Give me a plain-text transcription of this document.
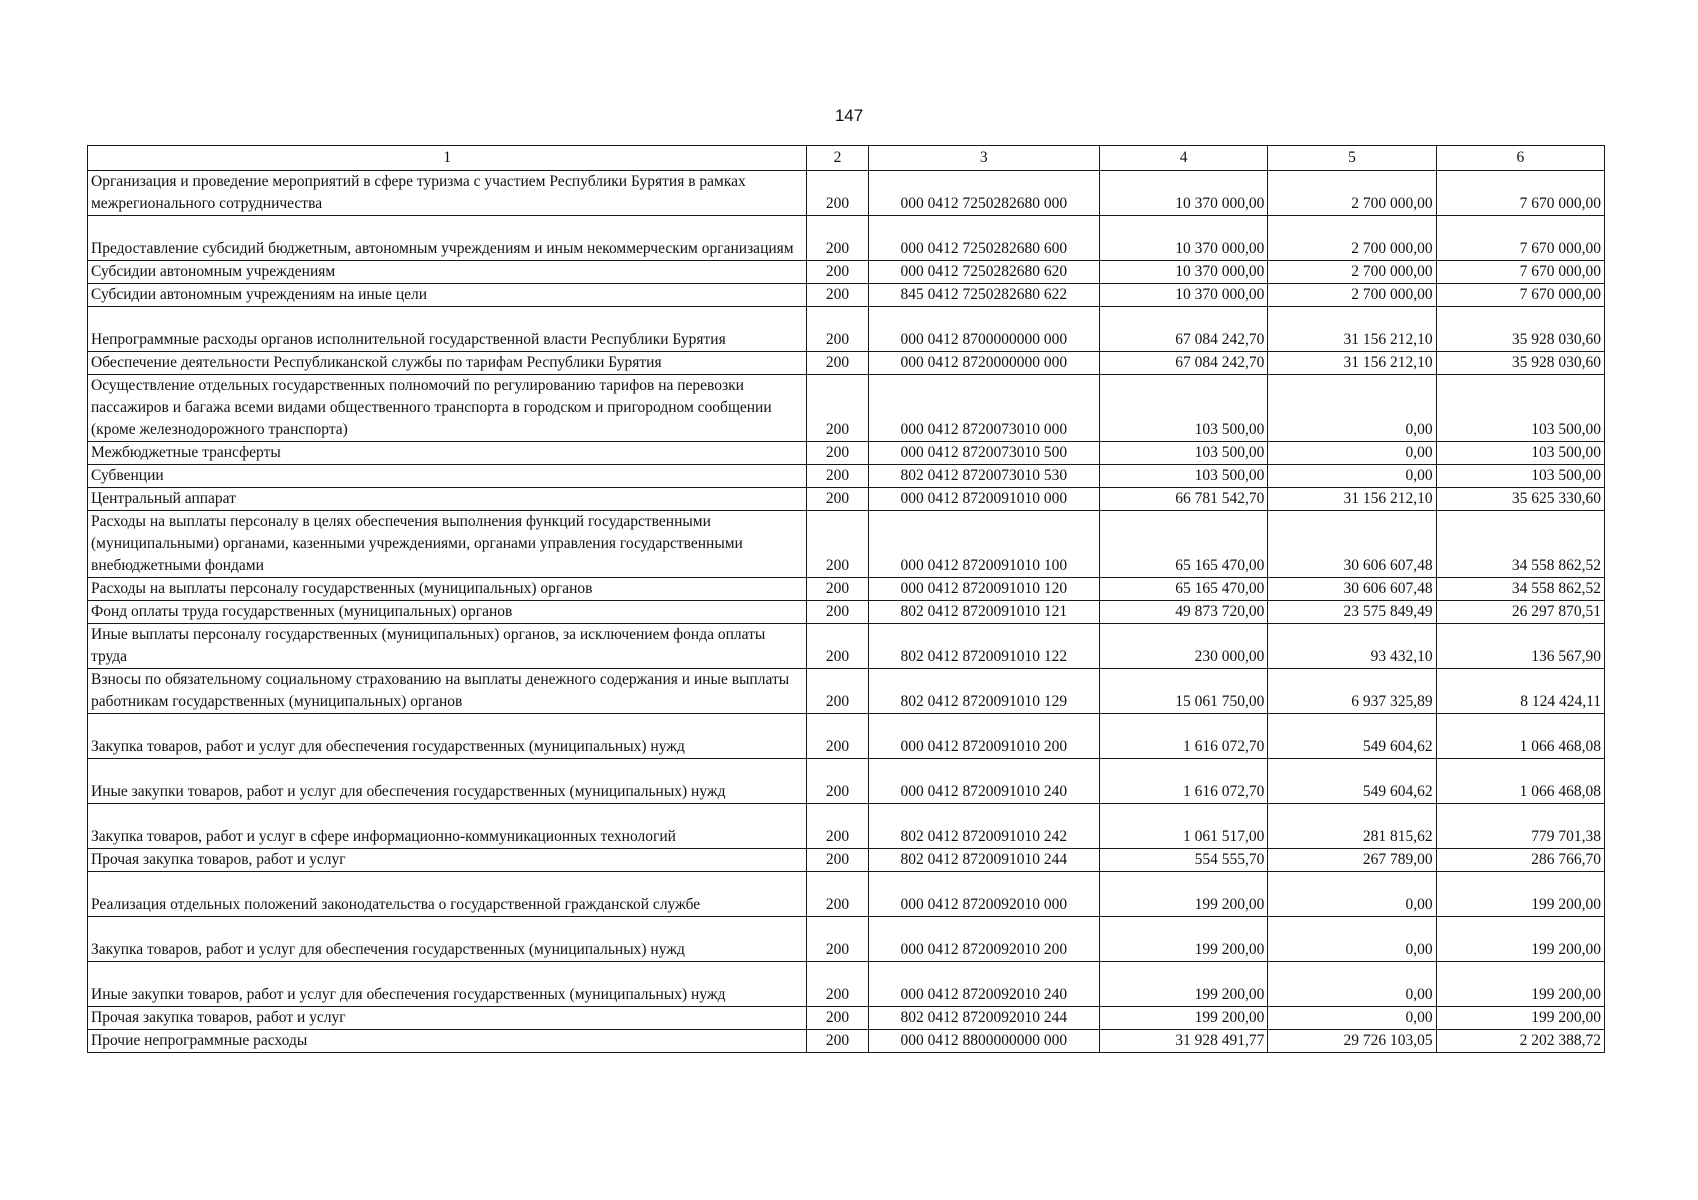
147
1	2	3	4	5	6
Организация и проведение мероприятий в сфере туризма с участием Республики Бурятия в рамках межрегионального сотрудничества	200	000 0412 7250282680 000	10 370 000,00	2 700 000,00	7 670 000,00
Предоставление субсидий бюджетным, автономным учреждениям и иным некоммерческим организациям	200	000 0412 7250282680 600	10 370 000,00	2 700 000,00	7 670 000,00
Субсидии автономным учреждениям	200	000 0412 7250282680 620	10 370 000,00	2 700 000,00	7 670 000,00
Субсидии автономным учреждениям на иные цели	200	845 0412 7250282680 622	10 370 000,00	2 700 000,00	7 670 000,00
Непрограммные расходы органов исполнительной государственной власти Республики Бурятия	200	000 0412 8700000000 000	67 084 242,70	31 156 212,10	35 928 030,60
Обеспечение деятельности Республиканской службы по тарифам Республики Бурятия	200	000 0412 8720000000 000	67 084 242,70	31 156 212,10	35 928 030,60
Осуществление отдельных государственных полномочий по регулированию тарифов на перевозки пассажиров и багажа всеми видами общественного транспорта в городском и пригородном сообщении (кроме железнодорожного транспорта)	200	000 0412 8720073010 000	103 500,00	0,00	103 500,00
Межбюджетные трансферты	200	000 0412 8720073010 500	103 500,00	0,00	103 500,00
Субвенции	200	802 0412 8720073010 530	103 500,00	0,00	103 500,00
Центральный аппарат	200	000 0412 8720091010 000	66 781 542,70	31 156 212,10	35 625 330,60
Расходы на выплаты персоналу в целях обеспечения выполнения функций государственными (муниципальными) органами, казенными учреждениями, органами управления государственными внебюджетными фондами	200	000 0412 8720091010 100	65 165 470,00	30 606 607,48	34 558 862,52
Расходы на выплаты персоналу государственных (муниципальных) органов	200	000 0412 8720091010 120	65 165 470,00	30 606 607,48	34 558 862,52
Фонд оплаты труда государственных (муниципальных) органов	200	802 0412 8720091010 121	49 873 720,00	23 575 849,49	26 297 870,51
Иные выплаты персоналу государственных (муниципальных) органов, за исключением фонда оплаты труда	200	802 0412 8720091010 122	230 000,00	93 432,10	136 567,90
Взносы по обязательному социальному страхованию на выплаты денежного содержания и иные выплаты работникам государственных (муниципальных) органов	200	802 0412 8720091010 129	15 061 750,00	6 937 325,89	8 124 424,11
Закупка товаров, работ и услуг для обеспечения государственных (муниципальных) нужд	200	000 0412 8720091010 200	1 616 072,70	549 604,62	1 066 468,08
Иные закупки товаров, работ и услуг для обеспечения государственных (муниципальных) нужд	200	000 0412 8720091010 240	1 616 072,70	549 604,62	1 066 468,08
Закупка товаров, работ и услуг в сфере информационно-коммуникационных технологий	200	802 0412 8720091010 242	1 061 517,00	281 815,62	779 701,38
Прочая закупка товаров, работ и услуг	200	802 0412 8720091010 244	554 555,70	267 789,00	286 766,70
Реализация отдельных положений законодательства о государственной гражданской службе	200	000 0412 8720092010 000	199 200,00	0,00	199 200,00
Закупка товаров, работ и услуг для обеспечения государственных (муниципальных) нужд	200	000 0412 8720092010 200	199 200,00	0,00	199 200,00
Иные закупки товаров, работ и услуг для обеспечения государственных (муниципальных) нужд	200	000 0412 8720092010 240	199 200,00	0,00	199 200,00
Прочая закупка товаров, работ и услуг	200	802 0412 8720092010 244	199 200,00	0,00	199 200,00
Прочие непрограммные расходы	200	000 0412 8800000000 000	31 928 491,77	29 726 103,05	2 202 388,72
